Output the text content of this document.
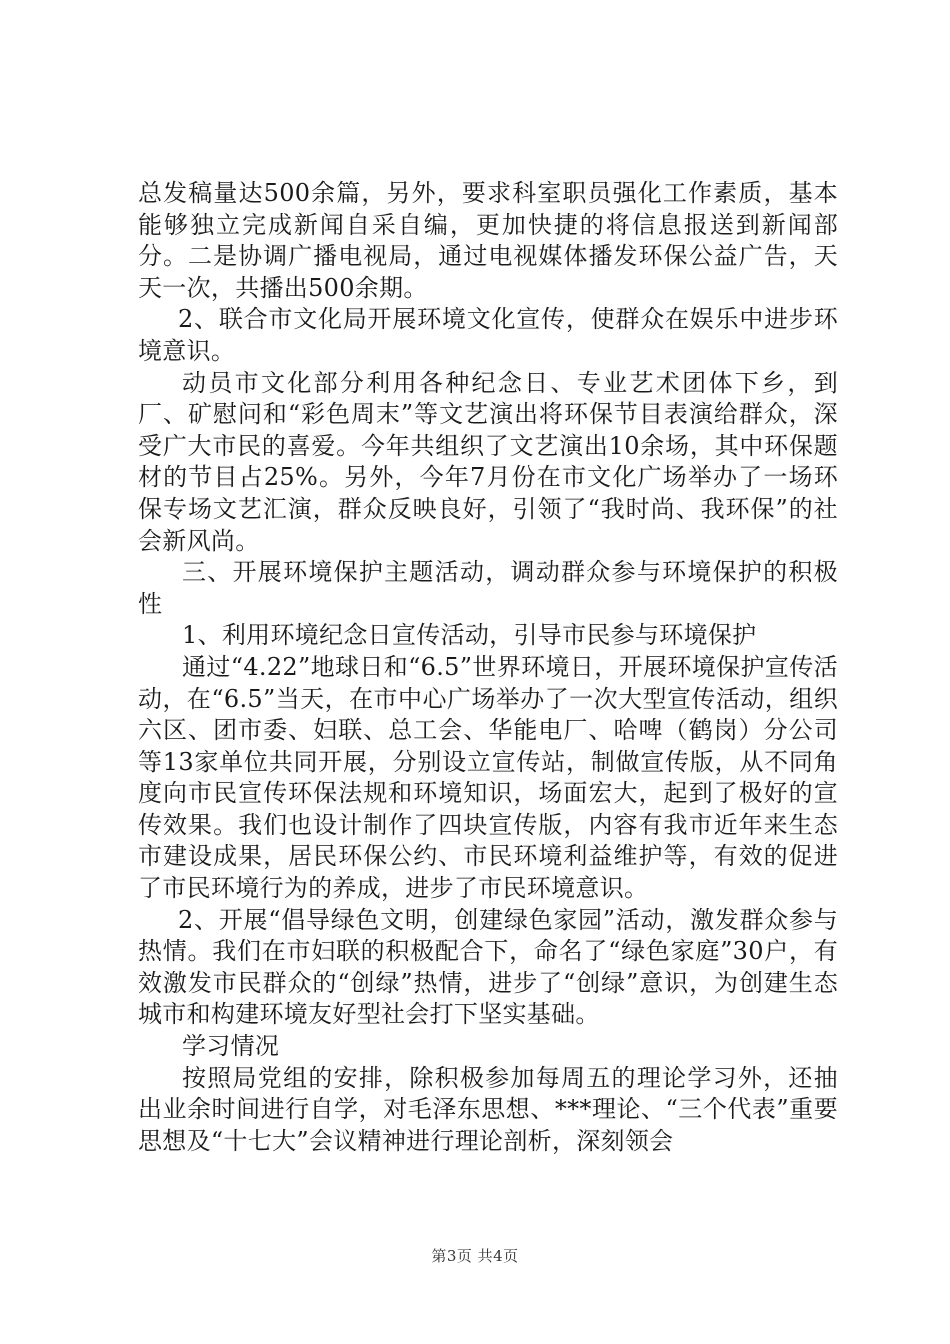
总发稿量达500余篇，另外，要求科室职员强化工作素质，基本能够独立完成新闻自采自编，更加快捷的将信息报送到新闻部分。二是协调广播电视局，通过电视媒体播发环保公益广告，天天一次，共播出500余期。

2、联合市文化局开展环境文化宣传，使群众在娱乐中进步环境意识。

动员市文化部分利用各种纪念日、专业艺术团体下乡，到厂、矿慰问和“彩色周末”等文艺演出将环保节目表演给群众，深受广大市民的喜爱。今年共组织了文艺演出10余场，其中环保题材的节目占25%。另外，今年7月份在市文化广场举办了一场环保专场文艺汇演，群众反映良好，引领了“我时尚、我环保”的社会新风尚。

三、开展环境保护主题活动，调动群众参与环境保护的积极性

1、利用环境纪念日宣传活动，引导市民参与环境保护

通过“4.22”地球日和“6.5”世界环境日，开展环境保护宣传活动，在“6.5”当天，在市中心广场举办了一次大型宣传活动，组织六区、团市委、妇联、总工会、华能电厂、哈啤（鹤岗）分公司等13家单位共同开展，分别设立宣传站，制做宣传版，从不同角度向市民宣传环保法规和环境知识，场面宏大，起到了极好的宣传效果。我们也设计制作了四块宣传版，内容有我市近年来生态市建设成果，居民环保公约、市民环境利益维护等，有效的促进了市民环境行为的养成，进步了市民环境意识。

2、开展“倡导绿色文明，创建绿色家园”活动，激发群众参与热情。我们在市妇联的积极配合下，命名了“绿色家庭”30户，有效激发市民群众的“创绿”热情，进步了“创绿”意识，为创建生态城市和构建环境友好型社会打下坚实基础。

学习情况

按照局党组的安排，除积极参加每周五的理论学习外，还抽出业余时间进行自学，对毛泽东思想、***理论、“三个代表”重要思想及“十七大”会议精神进行理论剖析，深刻领会

第3页 共4页
